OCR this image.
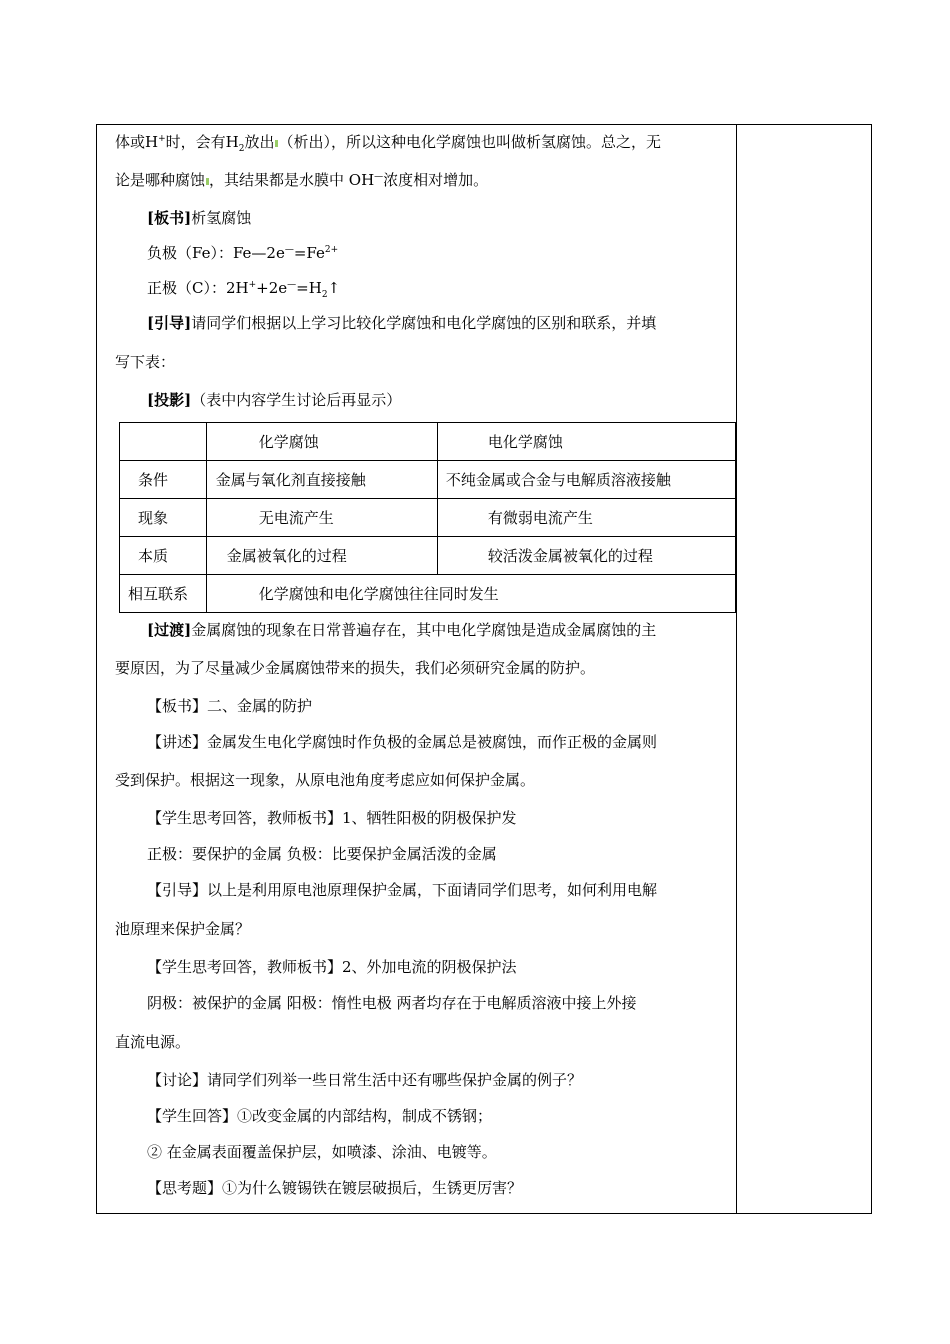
体或H+时，会有$H_2$放出 （析出），所以这种电化学腐蚀也叫做析氢腐蚀。总之，无
论是哪种腐蚀 ，其结果都是水膜中 OH—浓度相对增加。
[板书]析氢腐蚀
负极（Fe）：$Fe—2e^—=Fe^{2+}$
正极（C）：$2H^++2e^—=H_2↑$
[引导]请同学们根据以上学习比较化学腐蚀和电化学腐蚀的区别和联系，并填
写下表：
[投影]（表中内容学生讨论后再显示）
[过渡]金属腐蚀的现象在日常普遍存在，其中电化学腐蚀是造成金属腐蚀的主
要原因，为了尽量减少金属腐蚀带来的损失，我们必须研究金属的防护。
【板书】二、金属的防护
【讲述】金属发生电化学腐蚀时作负极的金属总是被腐蚀，而作正极的金属则
受到保护。根据这一现象，从原电池角度考虑应如何保护金属。
【学生思考回答，教师板书】1、牺牲阳极的阴极保护发
正极：要保护的金属 负极：比要保护金属活泼的金属
【引导】以上是利用原电池原理保护金属，下面请同学们思考，如何利用电解
池原理来保护金属？
【学生思考回答，教师板书】2、外加电流的阴极保护法
阴极：被保护的金属 阳极：惰性电极 两者均存在于电解质溶液中接上外接
直流电源。
【讨论】请同学们列举一些日常生活中还有哪些保护金属的例子？
【学生回答】①改变金属的内部结构，制成不锈钢；
② 在金属表面覆盖保护层，如喷漆、涂油、电镀等。
【思考题】①为什么镀锡铁在镀层破损后，生锈更厉害？
	化学腐蚀	电化学腐蚀
条件	金属与氧化剂直接接触	不纯金属或合金与电解质溶液接触
现象	无电流产生	有微弱电流产生
本质	金属被氧化的过程	较活泼金属被氧化的过程
相互联系	化学腐蚀和电化学腐蚀往往同时发生	
